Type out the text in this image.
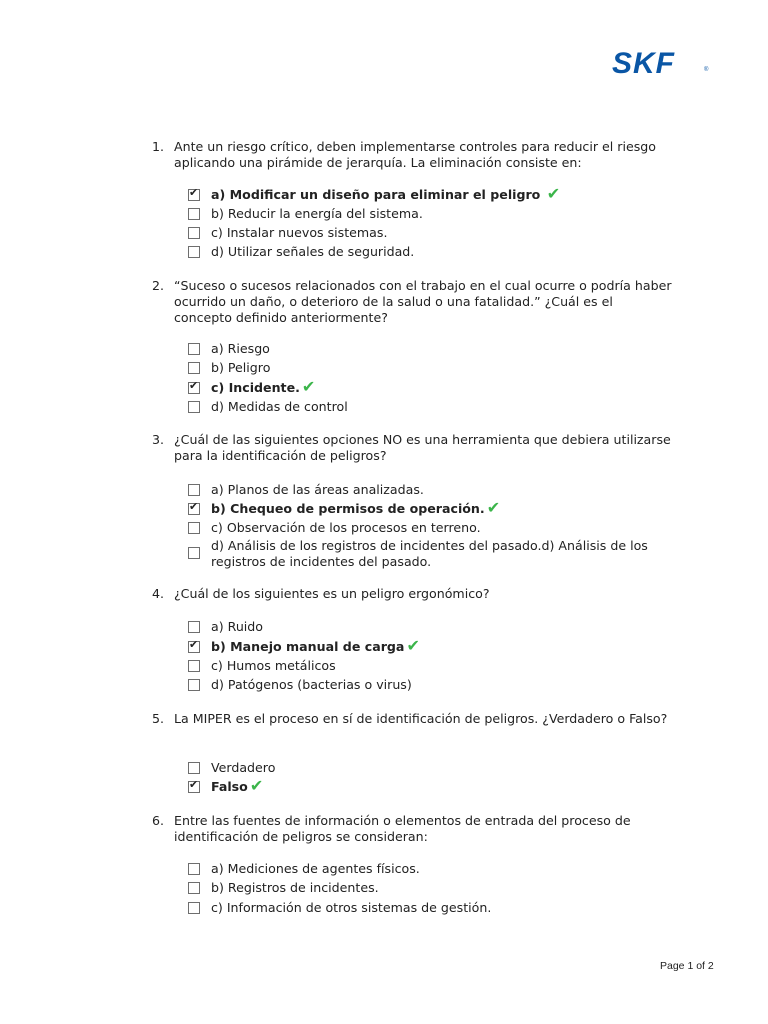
SKF	®
1. Ante un riesgo crítico, deben implementarse controles para reducir el riesgo aplicando una pirámide de jerarquía. La eliminación consiste en:
✔
a) Modificar un diseño para eliminar el peligro ✔
b) Reducir la energía del sistema.
c) Instalar nuevos sistemas.
d) Utilizar señales de seguridad.
2. “Suceso o sucesos relacionados con el trabajo en el cual ocurre o podría haber ocurrido un daño, o deterioro de la salud o una fatalidad.” ¿Cuál es el concepto definido anteriormente?
a) Riesgo
b) Peligro
✔
c) Incidente. ✔
d) Medidas de control
3. ¿Cuál de las siguientes opciones NO es una herramienta que debiera utilizarse para la identificación de peligros?
a) Planos de las áreas analizadas.
✔
b) Chequeo de permisos de operación. ✔
c) Observación de los procesos en terreno.
d) Análisis de los registros de incidentes del pasado.d) Análisis de los registros de incidentes del pasado.
4. ¿Cuál de los siguientes es un peligro ergonómico?
a) Ruido
✔
b) Manejo manual de carga ✔
c) Humos metálicos
d) Patógenos (bacterias o virus)
5. La MIPER es el proceso en sí de identificación de peligros. ¿Verdadero o Falso?
Verdadero
✔
Falso ✔
6. Entre las fuentes de información o elementos de entrada del proceso de identificación de peligros se consideran:
a) Mediciones de agentes físicos.
b) Registros de incidentes.
c) Información de otros sistemas de gestión.
Page 1 of 2
